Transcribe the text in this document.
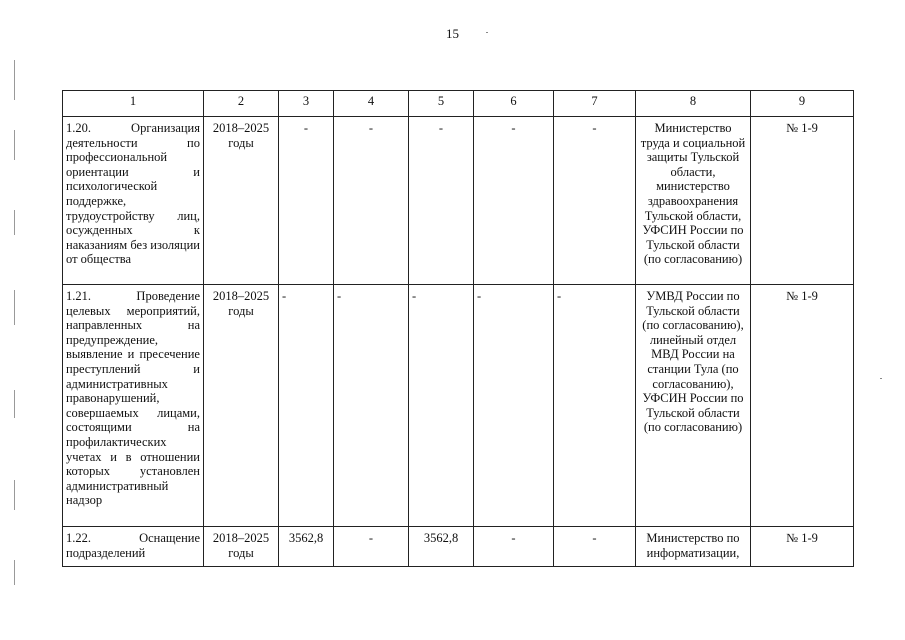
15
1	2	3	4	5	6	7	8	9
1.20. Организация деятельности по профессиональной ориентации и психологической поддержке, трудоустройству лиц, осужденных к наказаниям без изоляции от общества	2018–2025 годы	-	-	-	-	-	Министерство труда и социальной защиты Тульской области, министерство здравоохранения Тульской области, УФСИН России по Тульской области (по согласованию)	№ 1-9
1.21. Проведение целевых мероприятий, направленных на предупреждение, выявление и пресечение преступлений и административных правонарушений, совершаемых лицами, состоящими на профилактических учетах и в отношении которых установлен административный надзор	2018–2025 годы	-	-	-	-	-	УМВД России по Тульской области (по согласованию), линейный отдел МВД России на станции Тула (по согласованию), УФСИН России по Тульской области (по согласованию)	№ 1-9
1.22. Оснащение подразделений	2018–2025 годы	3562,8	-	3562,8	-	-	Министерство по информатизации,	№ 1-9
